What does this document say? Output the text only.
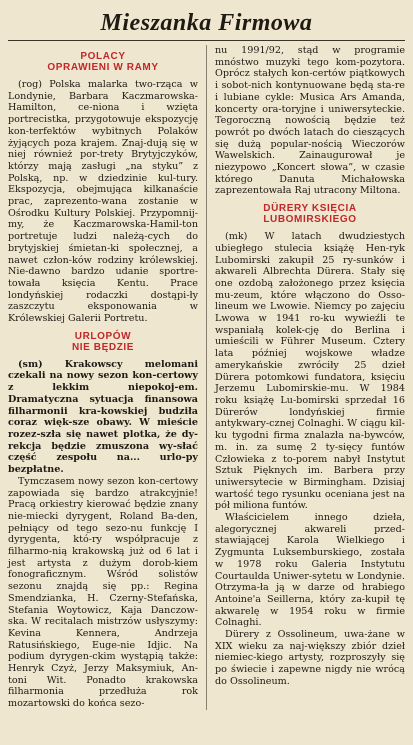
Mieszanka Firmowa
POLACY
OPRAWIENI W RAMY

(rog) Polska malarka two-rząca w Londynie, Barbara Kaczmarowska-Hamilton, ce-niona i wzięta portrecistka, przygotowuje ekspozycję kon-terfektów wybitnych Polaków żyjących poza krajem. Znaj-dują się w niej również por-trety Brytyjczyków, którzy mają zasługi „na styku” z Polską, np. w dziedzinie kul-tury. Ekspozycja, obejmująca kilkanaście prac, zaprezento-wana zostanie w Ośrodku Kultury Polskiej. Przypomnij-my, że Kaczmarowska-Hamil-ton portretuje ludzi należą-cych do brytyjskiej śmietan-ki społecznej, a nawet człon-ków rodziny królewskiej. Nie-dawno bardzo udanie sportre-towała księcia Kentu. Prace londyńskiej rodaczki dostąpi-ły zaszczytu eksponowania w Królewskiej Galerii Portretu.

URLOPÓW
NIE BĘDZIE

(sm) Krakowscy melomani czekali na nowy sezon kon-certowy z lekkim niepokoj-em. Dramatyczna sytuacja finansowa filharmonii kra-kowskiej budziła coraz więk-sze obawy. W mieście rozez-szła się nawet plotka, że dy-rekcja będzie zmuszona wy-słać część zespołu na... urlo-py bezpłatne.

Tymczasem nowy sezon kon-certowy zapowiada się bardzo atrakcyjnie! Pracą orkiestry kierować będzie znany nie-miecki dyrygent, Roland Ba-den, pełniący od tego sezo-nu funkcję I dyrygenta, któ-ry współpracuje z filharmo-nią krakowską już od 6 lat i jest artysta z dużym dorob-kiem fonograficznym. Wśród solistów sezonu znajdą się pp.: Regina Smendzianka, H. Czerny-Stefańska, Stefania Woytowicz, Kaja Danczow-ska. W recitalach mistrzów usłyszymy: Kevina Kennera, Andrzeja Ratusińskiego, Euge-nie Idjic. Na podium dyrygen-ckim wystąpią także: Henryk Czyż, Jerzy Maksymiuk, An-toni Wit. Ponadto krakowska filharmonia przedłuża rok mozartowski do końca sezo-

nu 1991/92, stąd w programie mnóstwo muzyki tego kom-pozytora. Oprócz stałych kon-certów piątkowych i sobot-nich kontynuowane będą sta-re i lubiane cykle: Musica Ars Amanda, koncerty ora-toryjne i uniwersyteckie. Tegoroczną nowością będzie też powrót po dwóch latach do cieszących się dużą popular-nością Wieczorów Wawelskich. Zainaugurował je niezypowo „Koncert słowa”, w czasie którego Danuta Michałowska zaprezentowała Raj utracony Miltona.

DÜRERY KSIĘCIA
LUBOMIRSKIEGO

(mk) W latach dwudziestych ubiegłego stulecia książę Hen-ryk Lubomirski zakupił 25 ry-sunków i akwareli Albrechta Dürera. Stały się one ozdobą założonego przez księcia mu-zeum, które włączono do Osso-lineum we Lwowie. Niemcy po zajęciu Lwowa w 1941 ro-ku wywieźli te wspaniałą kolek-cję do Berlina i umieścili w Führer Museum. Cztery lata później wojskowe władze amerykańskie zwróciły 25 dzieł Dürera potomkowi fundatora, księciu Jerzemu Lubomirskie-mu. W 1984 roku książę Lu-bomirski sprzedał 16 Dürerów londyńskiej firmie antykwary-cznej Colnaghi. W ciągu kil-ku tygodni firma znalazła na-bywców, m. in. za sumę 2 ty-sięcy funtów Człowieka z to-porem nabył Instytut Sztuk Pięknych im. Barbera przy uniwersytecie w Birmingham. Dzisiaj wartość tego rysunku oceniana jest na pół miliona funtów.

Właścicielem innego dzieła, alegorycznej akwareli przed-stawiającej Karola Wielkiego i Zygmunta Luksemburskiego, została w 1978 roku Galeria Instytutu Courtaulda Uniwer-sytetu w Londynie. Otrzyma-ła ją w darze od hrabiego Antoine'a Seillerna, który za-kupił tę akwarelę w 1954 roku w firmie Colnaghi.

Dürery z Ossolineum, uwa-żane w XIX wieku za naj-większy zbiór dzieł niemiec-kiego artysty, rozproszyły się po świecie i zapewne nigdy nie wrócą do Ossolineum.
